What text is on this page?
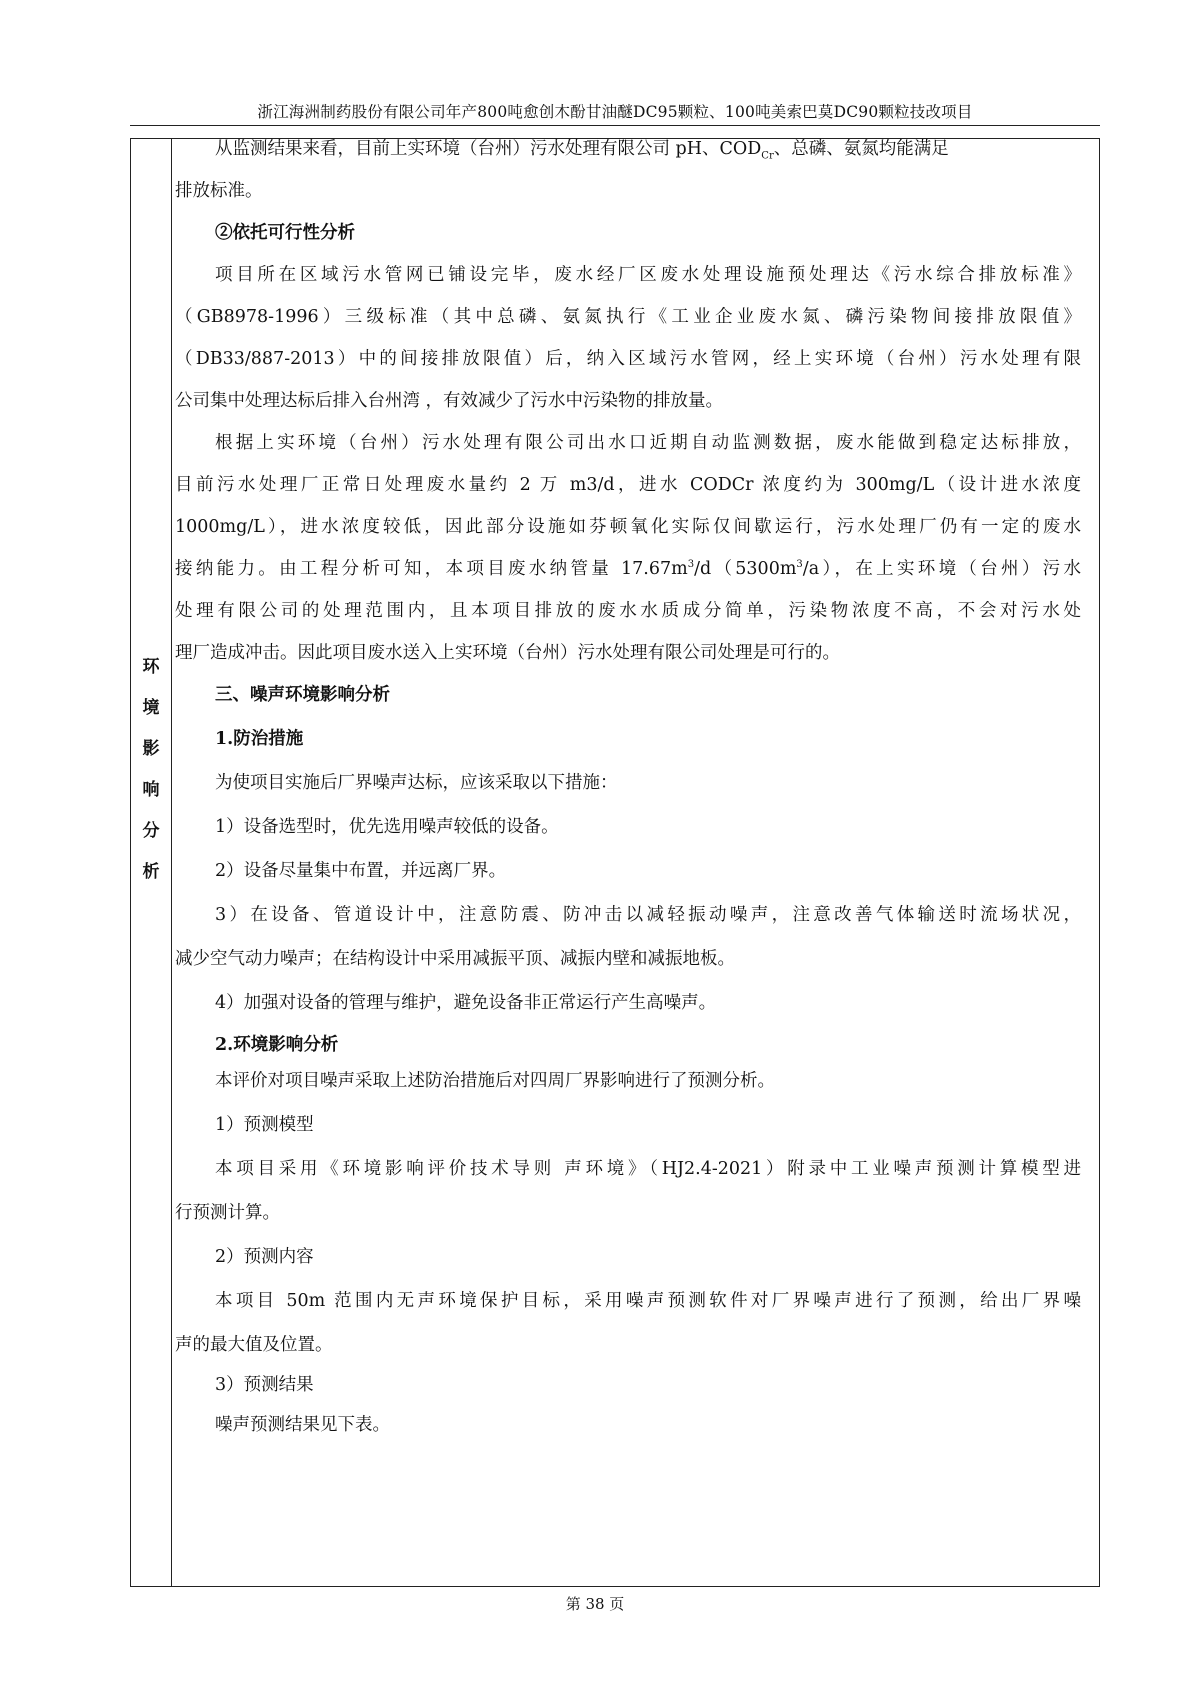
浙江海洲制药股份有限公司年产800吨愈创木酚甘油醚DC95颗粒、100吨美索巴莫DC90颗粒技改项目
环
境
影
响
分
析

从监测结果来看，目前上实环境（台州）污水处理有限公司 pH、$COD_{Cr}$、总磷、氨氮均能满足

排放标准。

②依托可行性分析

项目所在区域污水管网已铺设完毕，废水经厂区废水处理设施预处理达《污水综合排放标准》

（GB8978-1996）三级标准（其中总磷、氨氮执行《工业企业废水氮、磷污染物间接排放限值》

（DB33/887-2013）中的间接排放限值）后，纳入区域污水管网，经上实环境（台州）污水处理有限

公司集中处理达标后排入台州湾 ，有效减少了污水中污染物的排放量。

根据上实环境（台州）污水处理有限公司出水口近期自动监测数据，废水能做到稳定达标排放，

目前污水处理厂正常日处理废水量约 2 万 m3/d，进水 CODCr 浓度约为 300mg/L（设计进水浓度

1000mg/L），进水浓度较低，因此部分设施如芬顿氧化实际仅间歇运行，污水处理厂仍有一定的废水

接纳能力。由工程分析可知，本项目废水纳管量 $17.67m^3/d(5300m^3/a)$，在上实环境（台州）污水

处理有限公司的处理范围内，且本项目排放的废水水质成分简单，污染物浓度不高，不会对污水处

理厂造成冲击。因此项目废水送入上实环境（台州）污水处理有限公司处理是可行的。

三、噪声环境影响分析

1.防治措施

为使项目实施后厂界噪声达标，应该采取以下措施：

1）设备选型时，优先选用噪声较低的设备。

2）设备尽量集中布置，并远离厂界。

3）在设备、管道设计中，注意防震、防冲击以减轻振动噪声，注意改善气体输送时流场状况，

减少空气动力噪声；在结构设计中采用减振平顶、减振内壁和减振地板。

4）加强对设备的管理与维护，避免设备非正常运行产生高噪声。

2.环境影响分析

本评价对项目噪声采取上述防治措施后对四周厂界影响进行了预测分析。

1）预测模型

本项目采用《环境影响评价技术导则 声环境》（HJ2.4-2021）附录中工业噪声预测计算模型进

行预测计算。

2）预测内容

本项目 50m 范围内无声环境保护目标，采用噪声预测软件对厂界噪声进行了预测，给出厂界噪

声的最大值及位置。

3）预测结果

噪声预测结果见下表。

第 38 页
